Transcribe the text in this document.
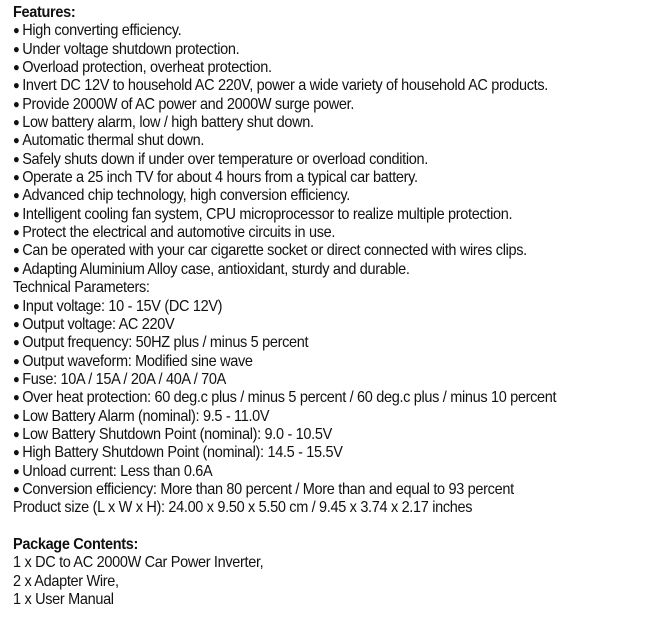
Features:
● High converting efficiency.
● Under voltage shutdown protection.
● Overload protection, overheat protection.
● Invert DC 12V to household AC 220V, power a wide variety of household AC products.
● Provide 2000W of AC power and 2000W surge power.
● Low battery alarm, low / high battery shut down.
● Automatic thermal shut down.
● Safely shuts down if under over temperature or overload condition.
● Operate a 25 inch TV for about 4 hours from a typical car battery.
● Advanced chip technology, high conversion efficiency.
● Intelligent cooling fan system, CPU microprocessor to realize multiple protection.
● Protect the electrical and automotive circuits in use.
● Can be operated with your car cigarette socket or direct connected with wires clips.
● Adapting Aluminium Alloy case, antioxidant, sturdy and durable.
Technical Parameters:
● Input voltage: 10 - 15V (DC 12V)
● Output voltage: AC 220V
● Output frequency: 50HZ plus / minus 5 percent
● Output waveform: Modified sine wave
● Fuse: 10A / 15A / 20A / 40A / 70A
● Over heat protection: 60 deg.c plus / minus 5 percent / 60 deg.c plus / minus 10 percent
● Low Battery Alarm (nominal): 9.5 - 11.0V
● Low Battery Shutdown Point (nominal): 9.0 - 10.5V
● High Battery Shutdown Point (nominal): 14.5 - 15.5V
● Unload current: Less than 0.6A
● Conversion efficiency: More than 80 percent / More than and equal to 93 percent
Product size (L x W x H): 24.00 x 9.50 x 5.50 cm / 9.45 x 3.74 x 2.17 inches
Package Contents:
1 x DC to AC 2000W Car Power Inverter,
2 x Adapter Wire,
1 x User Manual
